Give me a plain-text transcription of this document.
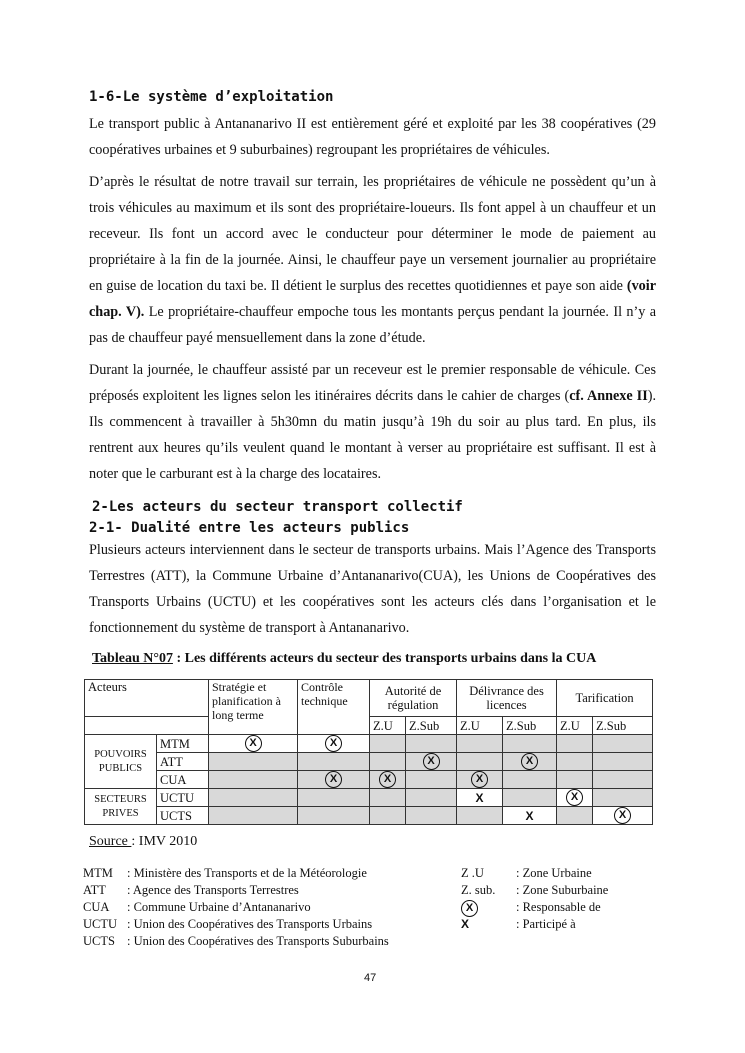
1-6-Le système d’exploitation

Le transport public à Antananarivo II est entièrement géré et exploité par les 38 coopératives (29 coopératives urbaines et 9 suburbaines) regroupant les propriétaires de véhicules.

D’après le résultat de notre travail sur terrain, les propriétaires de véhicule ne possèdent qu’un à trois véhicules au maximum et ils sont des propriétaire-loueurs. Ils font appel à un chauffeur et un receveur. Ils font un accord avec le conducteur pour déterminer le mode de paiement au propriétaire à la fin de la journée. Ainsi, le chauffeur paye un versement journalier au propriétaire en guise de location du taxi be. Il détient le surplus des recettes quotidiennes et paye son aide (voir chap. V). Le propriétaire-chauffeur empoche tous les montants perçus pendant la journée. Il n’y a pas de chauffeur payé mensuellement dans la zone d’étude.

Durant la journée, le chauffeur assisté par un receveur est le premier responsable de véhicule. Ces préposés exploitent les lignes selon les itinéraires décrits dans le cahier de charges (cf. Annexe II). Ils commencent à travailler à 5h30mn du matin jusqu’à 19h du soir au plus tard. En plus, ils rentrent aux heures qu’ils veulent quand le montant à verser au propriétaire est suffisant. Il est à noter que le carburant est à la charge des locataires.

2-Les acteurs du secteur transport collectif
2-1- Dualité entre les acteurs publics

Plusieurs acteurs interviennent dans le secteur de transports urbains. Mais l’Agence des Transports Terrestres (ATT), la Commune Urbaine d’Antananarivo(CUA), les Unions de Coopératives des Transports Urbains (UCTU) et les coopératives sont les acteurs clés dans l’organisation et le fonctionnement du système de transport à Antananarivo.

Tableau N°07 : Les différents acteurs du secteur des transports urbains dans la CUA
Acteurs		Stratégie et planification à long terme	Contrôle technique	Autorité de régulation		Délivrance des licences		Tarification	

				Z.U	Z.Sub	Z.U	Z.Sub	Z.U	Z.Sub
POUVOIRS PUBLICS	MTM	X	X						
	ATT				X		X		
	CUA		X	X		X			
SECTEURS PRIVES	UCTU					X		X	
	UCTS						X		X
Source : IMV 2010
MTM : Ministère des Transports et de la Météorologie
ATT : Agence des Transports Terrestres
CUA : Commune Urbaine d’Antananarivo
UCTU : Union des Coopératives des Transports Urbains
UCTS : Union des Coopératives des Transports Suburbains
Z .U	: Zone Urbaine
Z. sub. : Zone Suburbaine
X	: Responsable de
X	: Participé à
47
